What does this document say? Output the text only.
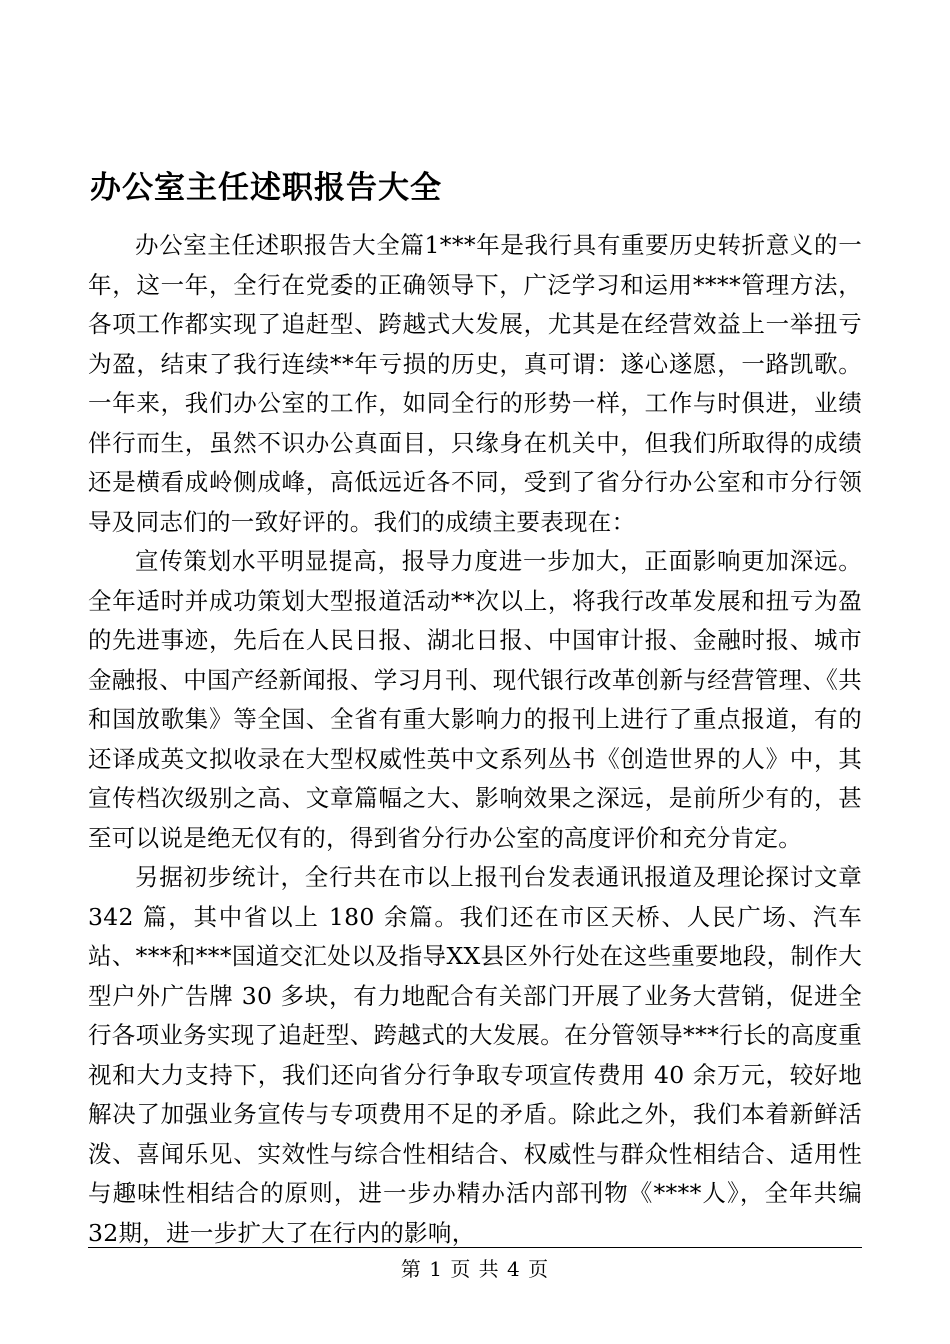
办公室主任述职报告大全

办公室主任述职报告大全篇1***年是我行具有重要历史转折意义的一年，这一年，全行在党委的正确领导下，广泛学习和运用****管理方法，各项工作都实现了追赶型、跨越式大发展，尤其是在经营效益上一举扭亏为盈，结束了我行连续**年亏损的历史，真可谓：遂心遂愿，一路凯歌。一年来，我们办公室的工作，如同全行的形势一样，工作与时俱进，业绩伴行而生，虽然不识办公真面目，只缘身在机关中，但我们所取得的成绩还是横看成岭侧成峰，高低远近各不同，受到了省分行办公室和市分行领导及同志们的一致好评的。我们的成绩主要表现在：

宣传策划水平明显提高，报导力度进一步加大，正面影响更加深远。全年适时并成功策划大型报道活动**次以上，将我行改革发展和扭亏为盈的先进事迹，先后在人民日报、湖北日报、中国审计报、金融时报、城市金融报、中国产经新闻报、学习月刊、现代银行改革创新与经营管理、《共和国放歌集》等全国、全省有重大影响力的报刊上进行了重点报道，有的还译成英文拟收录在大型权威性英中文系列丛书《创造世界的人》中，其宣传档次级别之高、文章篇幅之大、影响效果之深远，是前所少有的，甚至可以说是绝无仅有的，得到省分行办公室的高度评价和充分肯定。

另据初步统计，全行共在市以上报刊台发表通讯报道及理论探讨文章 342 篇，其中省以上 180 余篇。我们还在市区天桥、人民广场、汽车站、***和***国道交汇处以及指导XX县区外行处在这些重要地段，制作大型户外广告牌 30 多块，有力地配合有关部门开展了业务大营销，促进全行各项业务实现了追赶型、跨越式的大发展。在分管领导***行长的高度重视和大力支持下，我们还向省分行争取专项宣传费用 40 余万元，较好地解决了加强业务宣传与专项费用不足的矛盾。除此之外，我们本着新鲜活泼、喜闻乐见、实效性与综合性相结合、权威性与群众性相结合、适用性与趣味性相结合的原则，进一步办精办活内部刊物《****人》，全年共编32期，进一步扩大了在行内的影响，

第 1 页 共 4 页
